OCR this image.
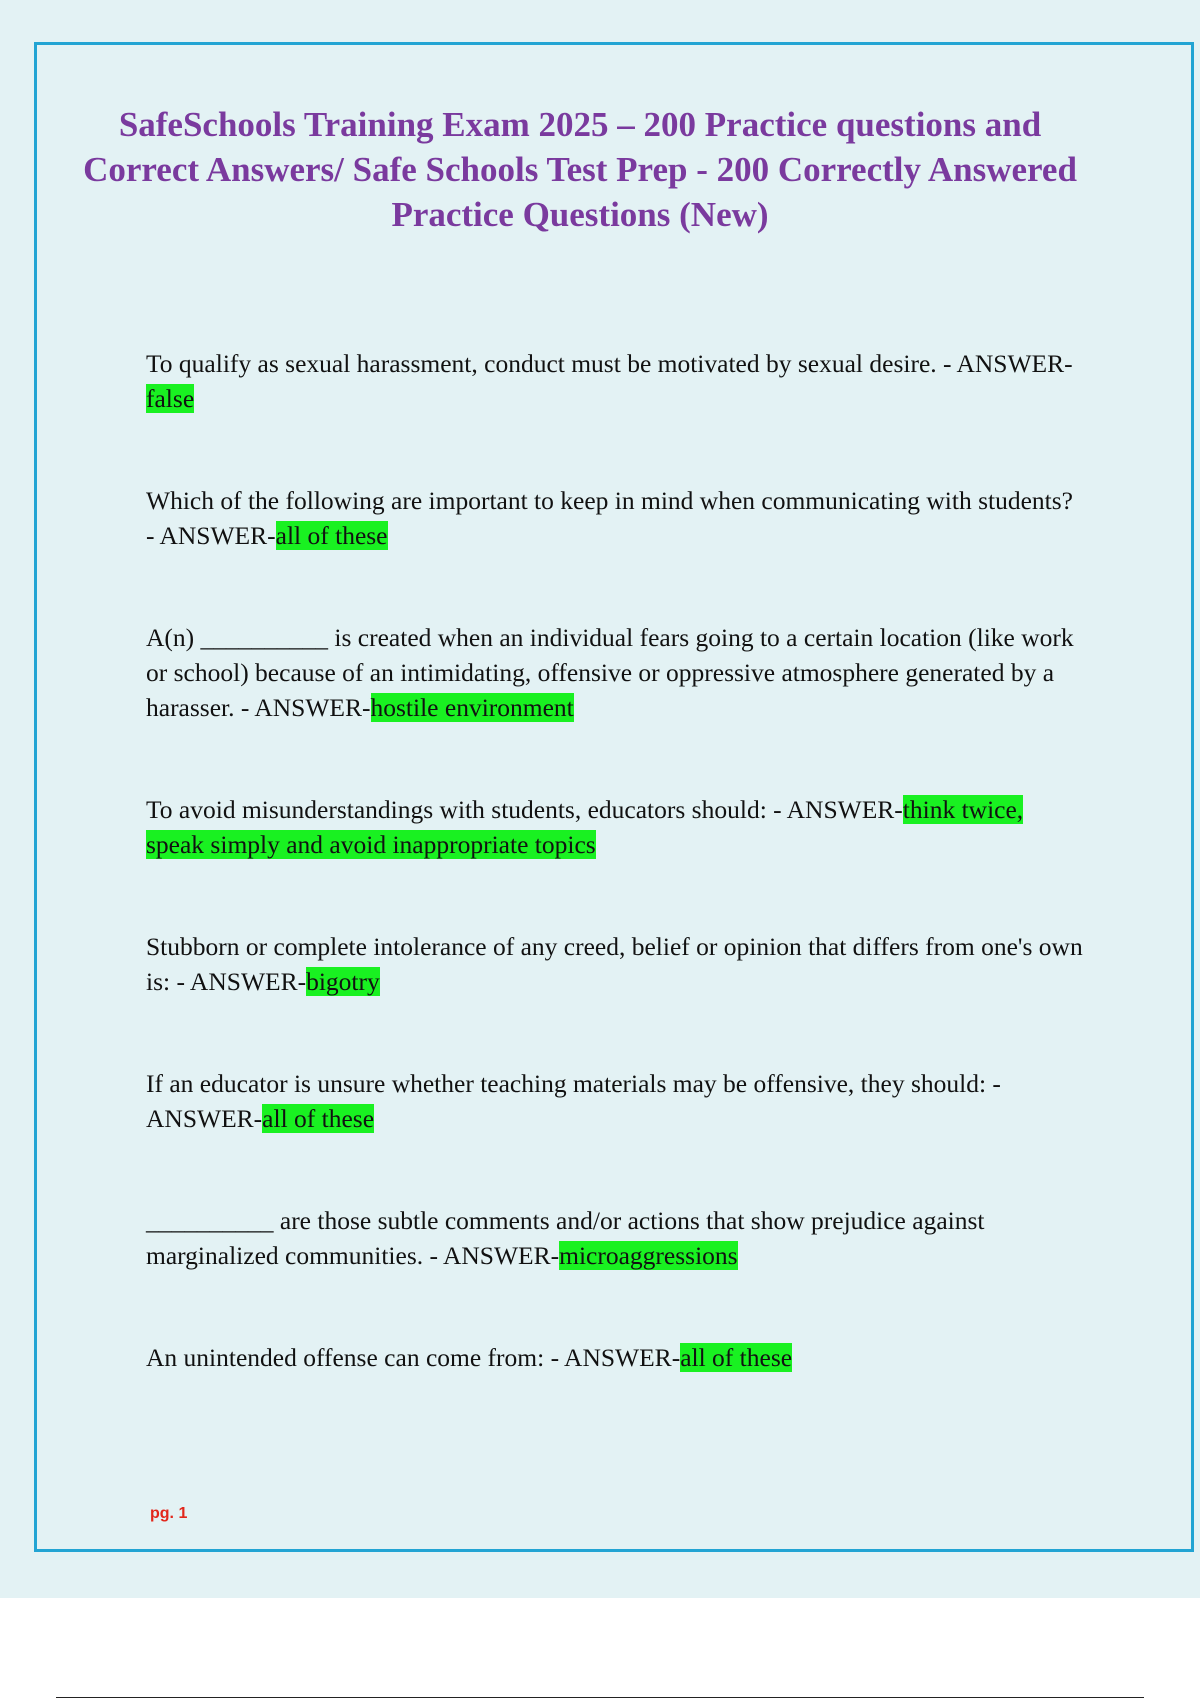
SafeSchools Training Exam 2025 – 200 Practice questions and Correct Answers/ Safe Schools Test Prep - 200 Correctly Answered Practice Questions (New)
To qualify as sexual harassment, conduct must be motivated by sexual desire. - ANSWER-false
Which of the following are important to keep in mind when communicating with students? - ANSWER-all of these
A(n) __________ is created when an individual fears going to a certain location (like work or school) because of an intimidating, offensive or oppressive atmosphere generated by a harasser. - ANSWER-hostile environment
To avoid misunderstandings with students, educators should: - ANSWER-think twice, speak simply and avoid inappropriate topics
Stubborn or complete intolerance of any creed, belief or opinion that differs from one's own is: - ANSWER-bigotry
If an educator is unsure whether teaching materials may be offensive, they should: - ANSWER-all of these
__________ are those subtle comments and/or actions that show prejudice against marginalized communities. - ANSWER-microaggressions
An unintended offense can come from: - ANSWER-all of these
pg. 1
